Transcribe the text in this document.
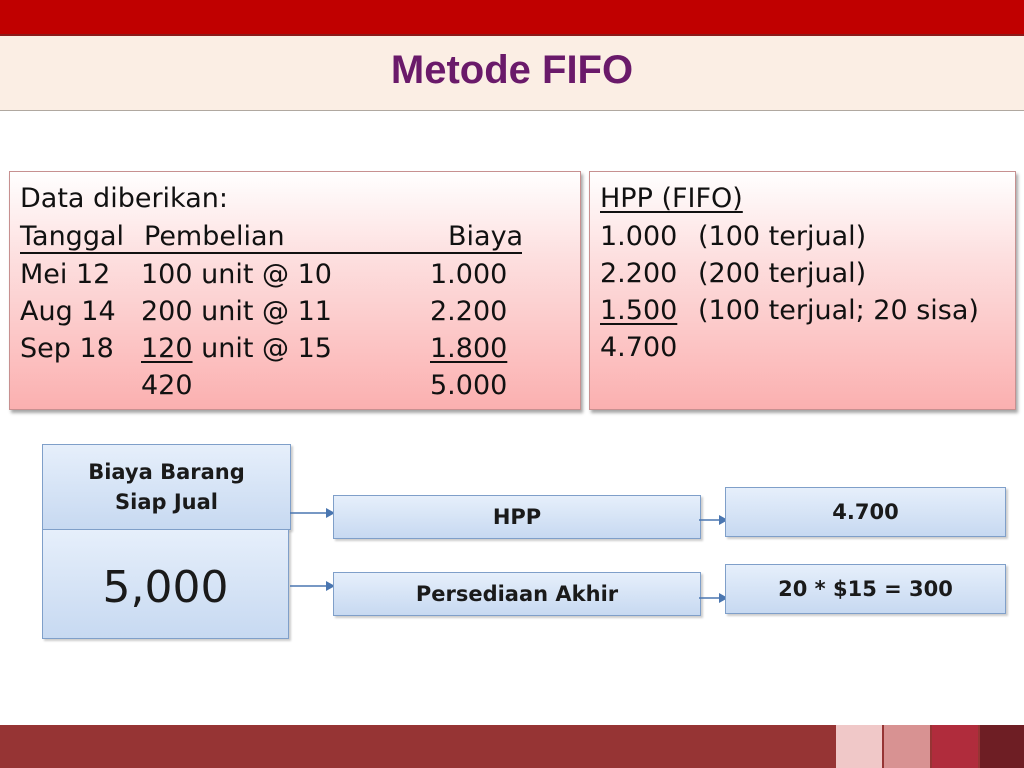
Metode FIFO
Data diberikan:
Tanggal Pembelian	Biaya
Mei 12 100 unit @ 10	1.000
Aug 14 200 unit @ 11	2.200
Sep 18 120 unit @ 15	1.800
420	5.000
HPP (FIFO)
1.000 (100 terjual)
2.200 (200 terjual)
1.500 (100 terjual; 20 sisa)
4.700
Biaya Barang
Siap Jual
5,000
HPP
Persediaan Akhir
4.700
20 * $15 = 300
